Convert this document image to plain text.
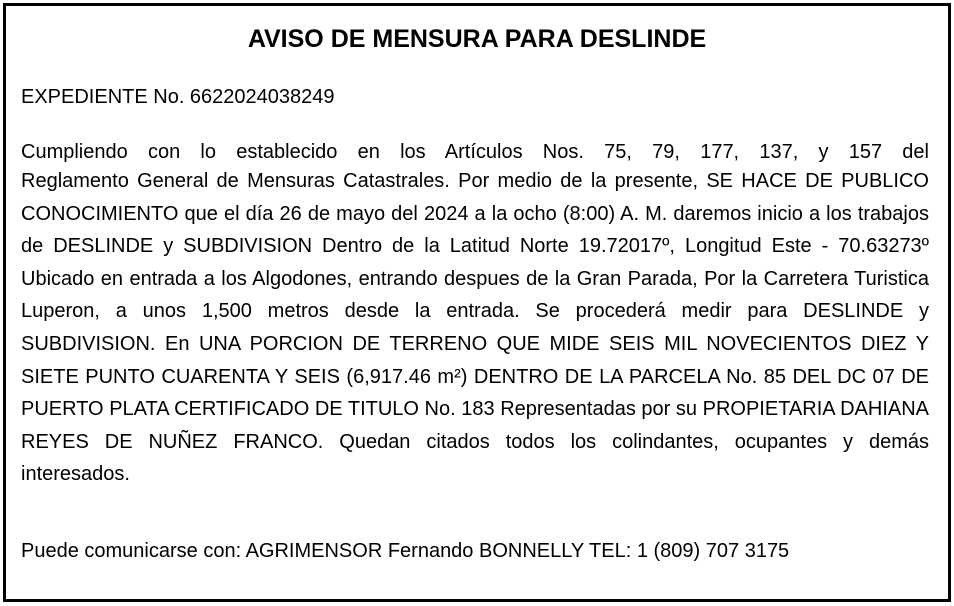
AVISO DE MENSURA PARA DESLINDE

EXPEDIENTE No. 6622024038249

Cumpliendo con lo establecido en los Artículos Nos. 75, 79, 177, 137, y 157 del
Reglamento General de Mensuras Catastrales. Por medio de la presente, SE HACE DE PUBLICO CONOCIMIENTO que el día 26 de mayo del 2024 a la ocho (8:00) A. M. daremos inicio a los trabajos de DESLINDE y SUBDIVISION Dentro de la Latitud Norte 19.72017º, Longitud Este - 70.63273º Ubicado en entrada a los Algodones, entrando despues de la Gran Parada, Por la Carretera Turistica Luperon, a unos 1,500 metros desde la entrada. Se procederá medir para DESLINDE y SUBDIVISION. En UNA PORCION DE TERRENO QUE MIDE SEIS MIL NOVECIENTOS DIEZ Y SIETE PUNTO CUARENTA Y SEIS (6,917.46 m²) DENTRO DE LA PARCELA No. 85 DEL DC 07 DE PUERTO PLATA CERTIFICADO DE TITULO No. 183 Representadas por su PROPIETARIA DAHIANA REYES DE NUÑEZ FRANCO. Quedan citados todos los colindantes, ocupantes y demás interesados.

Puede comunicarse con: AGRIMENSOR Fernando BONNELLY TEL: 1 (809) 707 3175
